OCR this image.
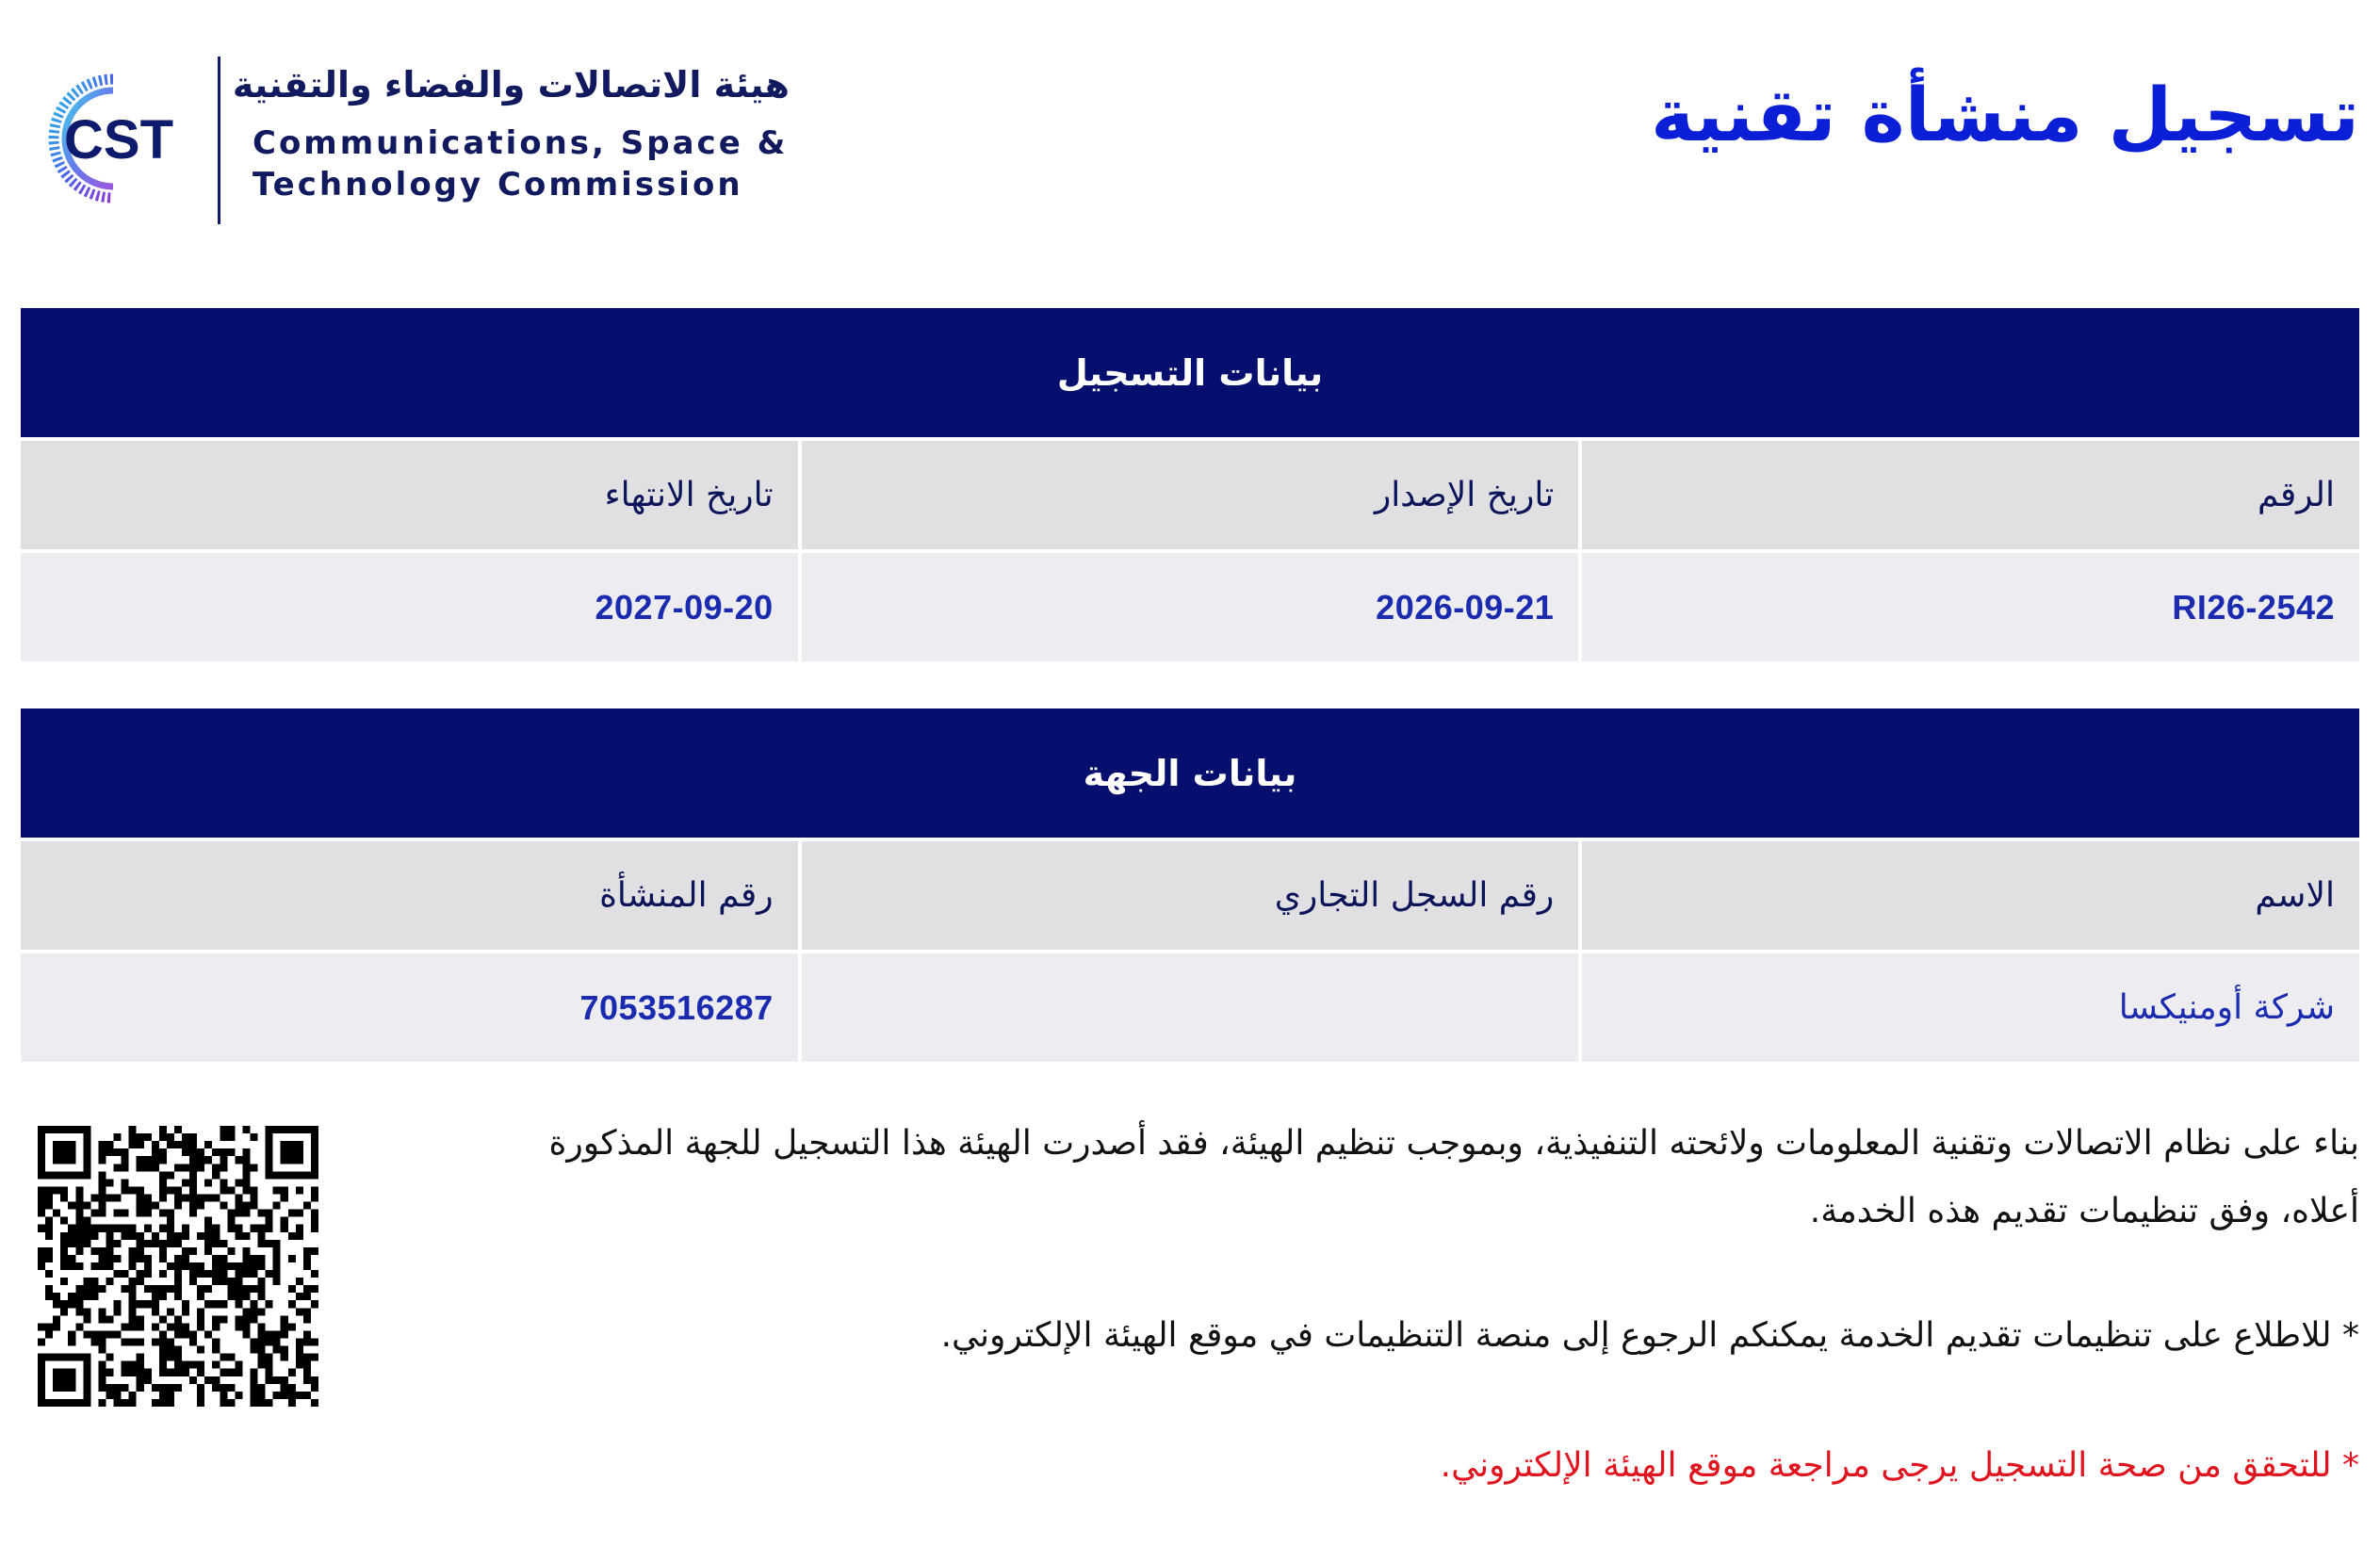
CST
هيئة الاتصالات والفضاء والتقنية
Communications, Space &
Technology Commission
تسجيل منشأة تقنية
بيانات التسجيل
الرقم
تاريخ الإصدار
تاريخ الانتهاء
RI26-2542
2026-09-21
2027-09-20
بيانات الجهة
الاسم
رقم السجل التجاري
رقم المنشأة
شركة أومنيكسا
7053516287
بناء على نظام الاتصالات وتقنية المعلومات ولائحته التنفيذية، وبموجب تنظيم الهيئة، فقد أصدرت الهيئة هذا التسجيل للجهة المذكورة أعلاه، وفق تنظيمات تقديم هذه الخدمة.
* للاطلاع على تنظيمات تقديم الخدمة يمكنكم الرجوع إلى منصة التنظيمات في موقع الهيئة الإلكتروني.
* للتحقق من صحة التسجيل يرجى مراجعة موقع الهيئة الإلكتروني.
